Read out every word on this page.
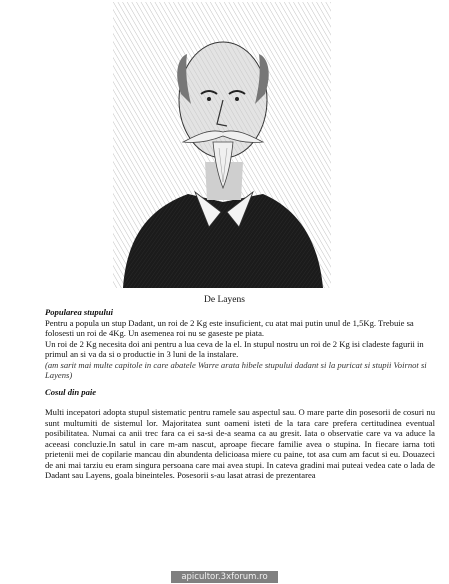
De Layens

Popularea stupului

Pentru a popula un stup Dadant, un roi de 2 Kg este insuficient, cu atat mai putin unul de 1,5Kg. Trebuie sa folosesti un roi de 4Kg. Un asemenea roi nu se gaseste pe piata.

Un roi de 2 Kg necesita doi ani pentru a lua ceva de la el. In stupul nostru un roi de 2 Kg isi cladeste fagurii in primul an si va da si o productie in 3 luni de la instalare.

(am sarit mai multe capitole in care abatele Warre arata hibele stupului dadant si la puricat si stupii Voirnot si Layens)

Cosul din paie

Multi incepatori adopta stupul sistematic pentru ramele sau aspectul sau. O mare parte din posesorii de cosuri nu sunt multumiti de sistemul lor. Majoritatea sunt oameni isteti de la tara care prefera certitudinea eventual posibilitatea. Numai ca anii trec fara ca ei sa-si de-a seama ca au gresit. Iata o observatie care va va aduce la aceeasi concluzie.In satul in care m-am nascut, aproape fiecare familie avea o stupina. In fiecare iarna toti prietenii mei de copilarie mancau din abundenta delicioasa miere cu paine, tot asa cum am facut si eu. Douazeci de ani mai tarziu eu eram singura persoana care mai avea stupi. In cateva gradini mai puteai vedea cate o lada de Dadant sau Layens, goala bineinteles. Posesorii s-au lasat atrasi de prezentarea

apicultor.3xforum.ro
